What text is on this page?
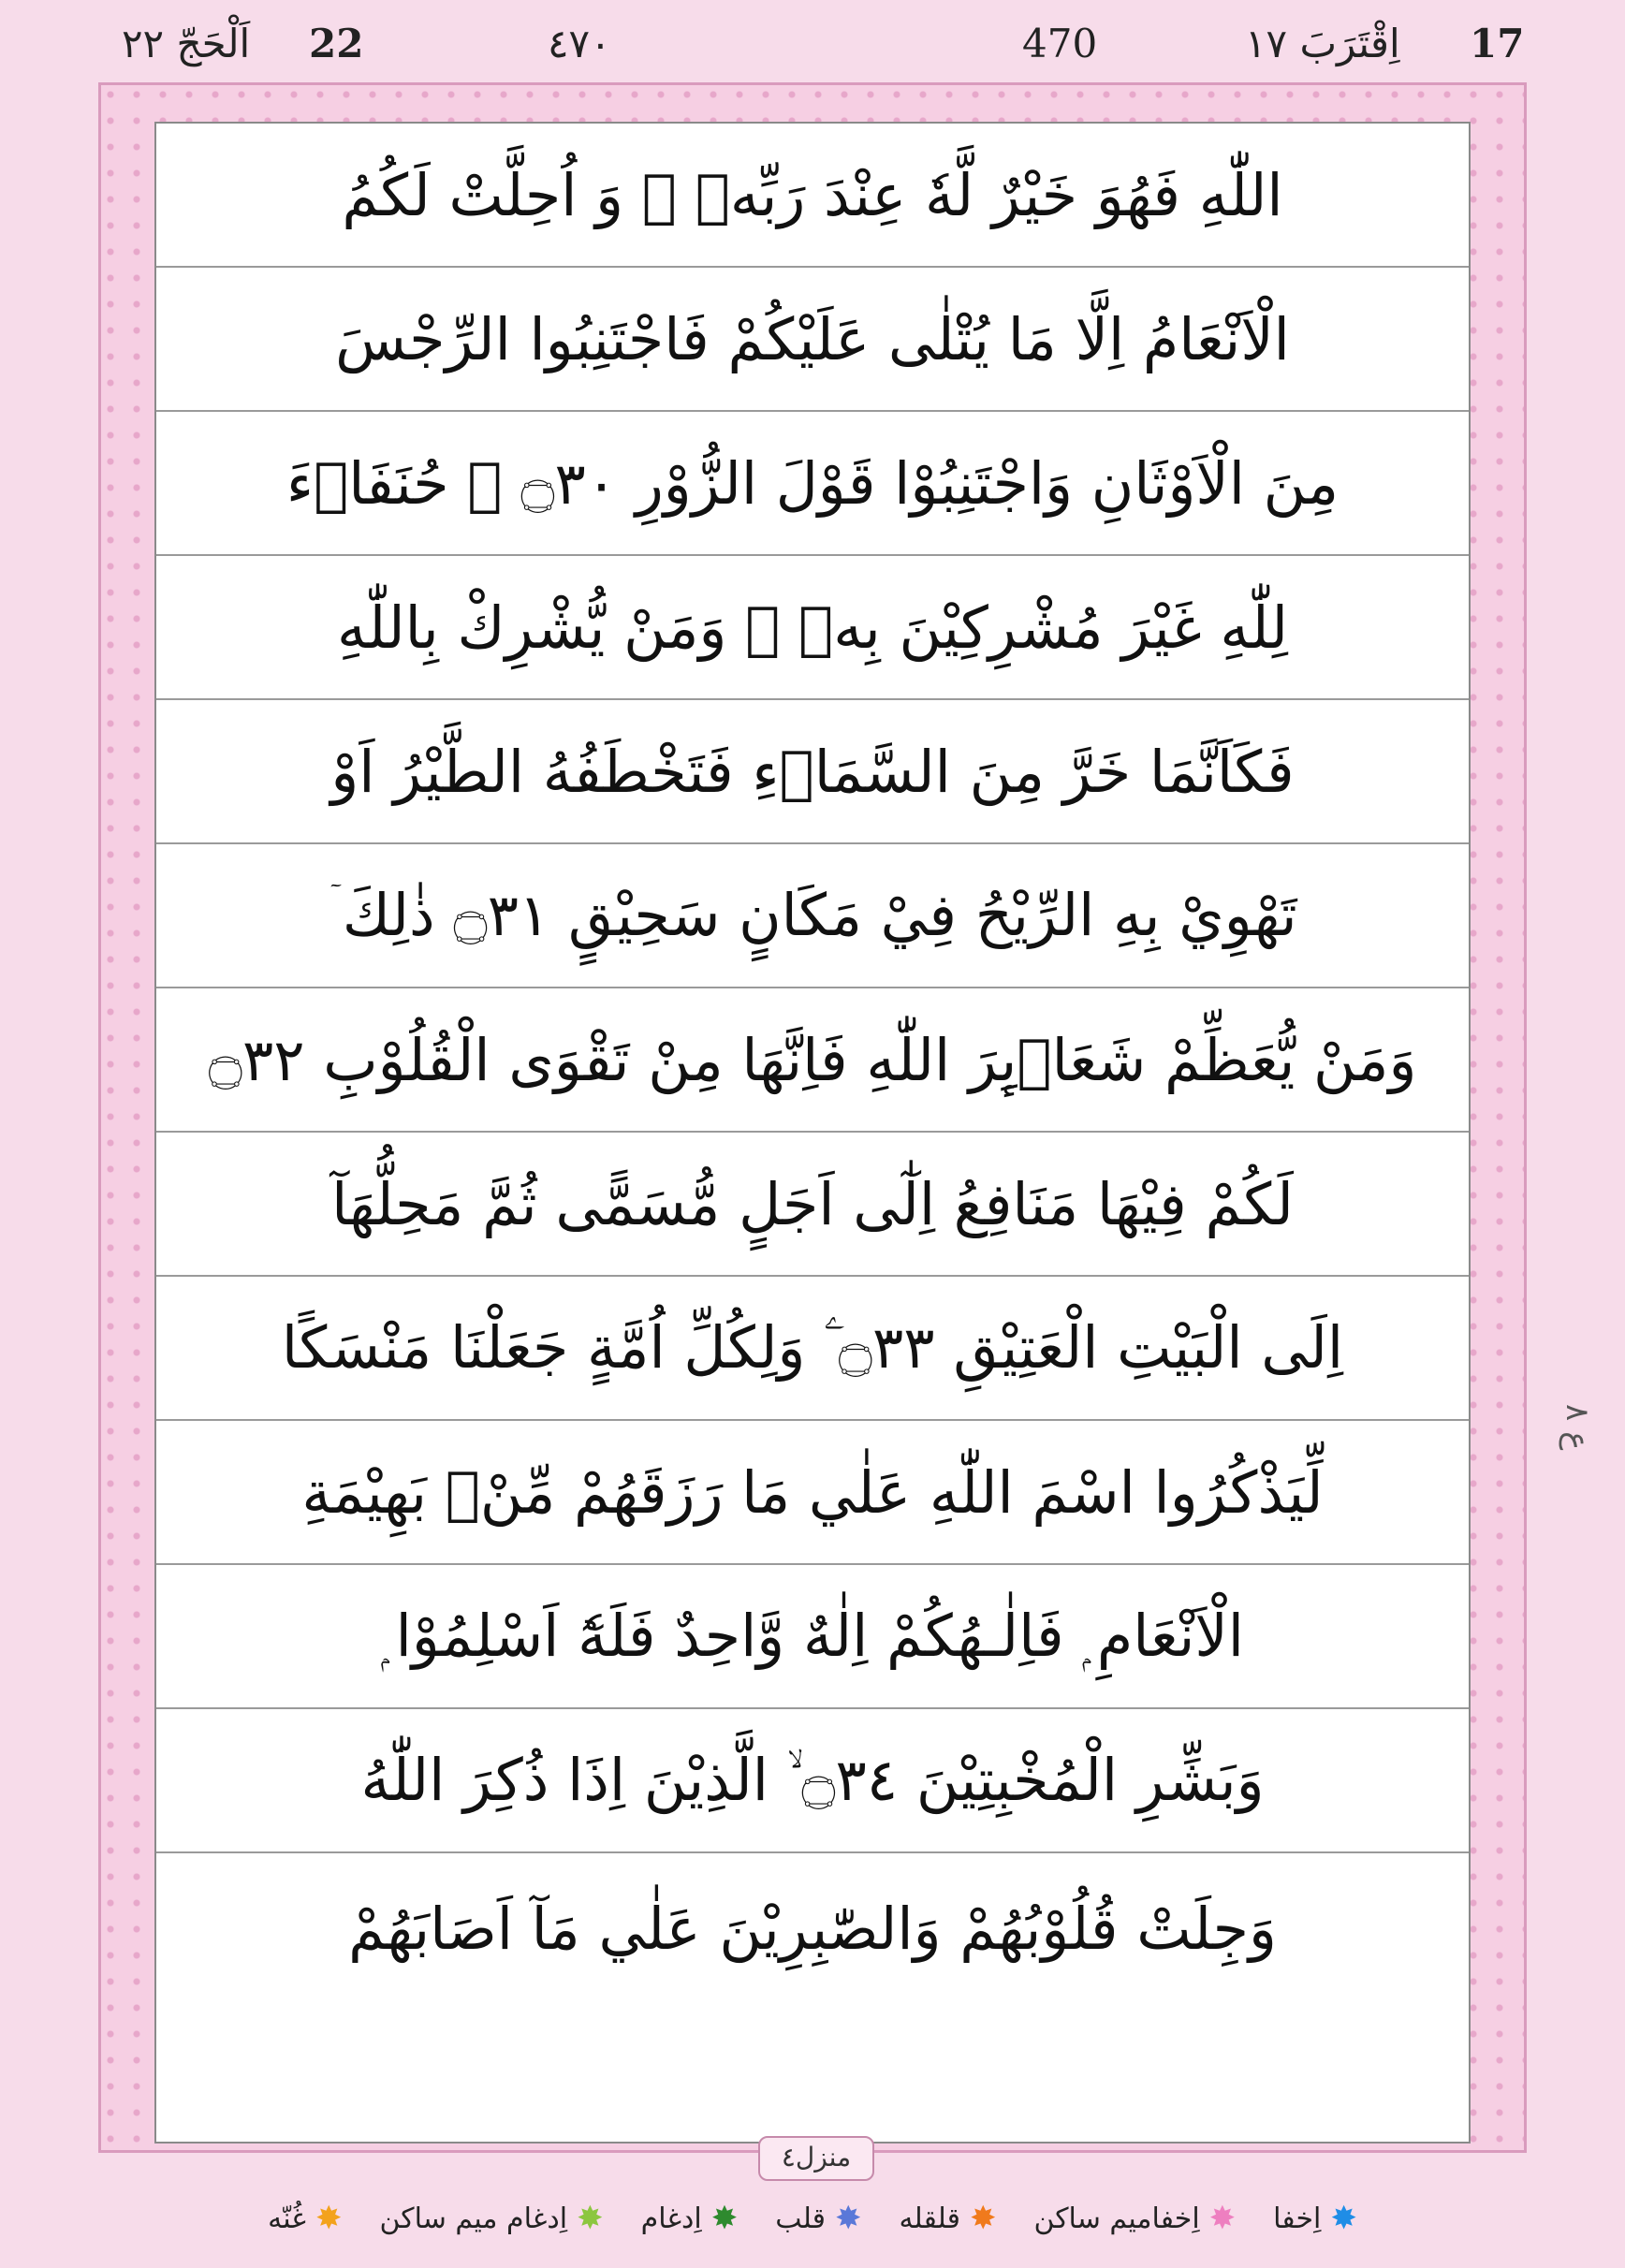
17
اِقْتَرَبَ ١٧
470
٤٧٠
22
اَلْحَجّ ٢٢
اللّٰهِ فَهُوَ خَيْرٌ لَّهٗ عِنْدَ رَبِّهٖ ۭ وَ اُحِلَّتْ لَكُمُ
الْاَنْعَامُ اِلَّا مَا يُتْلٰى عَلَيْكُمْ فَاجْتَنِبُوا الرِّجْسَ
مِنَ الْاَوْثَانِ وَاجْتَنِبُوْا قَوْلَ الزُّوْرِ ۝٣٠ ۙ حُنَفَاۗءَ
لِلّٰهِ غَيْرَ مُشْرِكِيْنَ بِهٖ ۭ وَمَنْ يُّشْرِكْ بِاللّٰهِ
فَكَاَنَّمَا خَرَّ مِنَ السَّمَاۗءِ فَتَخْطَفُهُ الطَّيْرُ اَوْ
تَهْوِيْ بِهِ الرِّيْحُ فِيْ مَكَانٍ سَحِيْقٍ ۝٣١ ذٰلِكَ ۤ
وَمَنْ يُّعَظِّمْ شَعَاۗىِٕرَ اللّٰهِ فَاِنَّهَا مِنْ تَقْوَى الْقُلُوْبِ ۝٣٢
لَكُمْ فِيْهَا مَنَافِعُ اِلٰٓى اَجَلٍ مُّسَمًّى ثُمَّ مَحِلُّهَآ
اِلَى الْبَيْتِ الْعَتِيْقِ ۝٣٣ ۧ وَلِكُلِّ اُمَّةٍ جَعَلْنَا مَنْسَكًا
لِّيَذْكُرُوا اسْمَ اللّٰهِ عَلٰي مَا رَزَقَهُمْ مِّنْۢ بَهِيْمَةِ
الْاَنْعَامِ ۭ فَاِلٰـهُكُمْ اِلٰهٌ وَّاحِدٌ فَلَهٗٓ اَسْلِمُوْا ۭ
وَبَشِّرِ الْمُخْبِتِيْنَ ۝٣٤ ۙ الَّذِيْنَ اِذَا ذُكِرَ اللّٰهُ
وَجِلَتْ قُلُوْبُهُمْ وَالصّٰبِرِيْنَ عَلٰي مَآ اَصَابَهُمْ
ع ٨
منزل٤
✸
اِخفا
✸
اِخفامیم ساکن
✸
قلقله
✸
قلب
✸
اِدغام
✸
اِدغام میم ساکن
✸
غُنّه
